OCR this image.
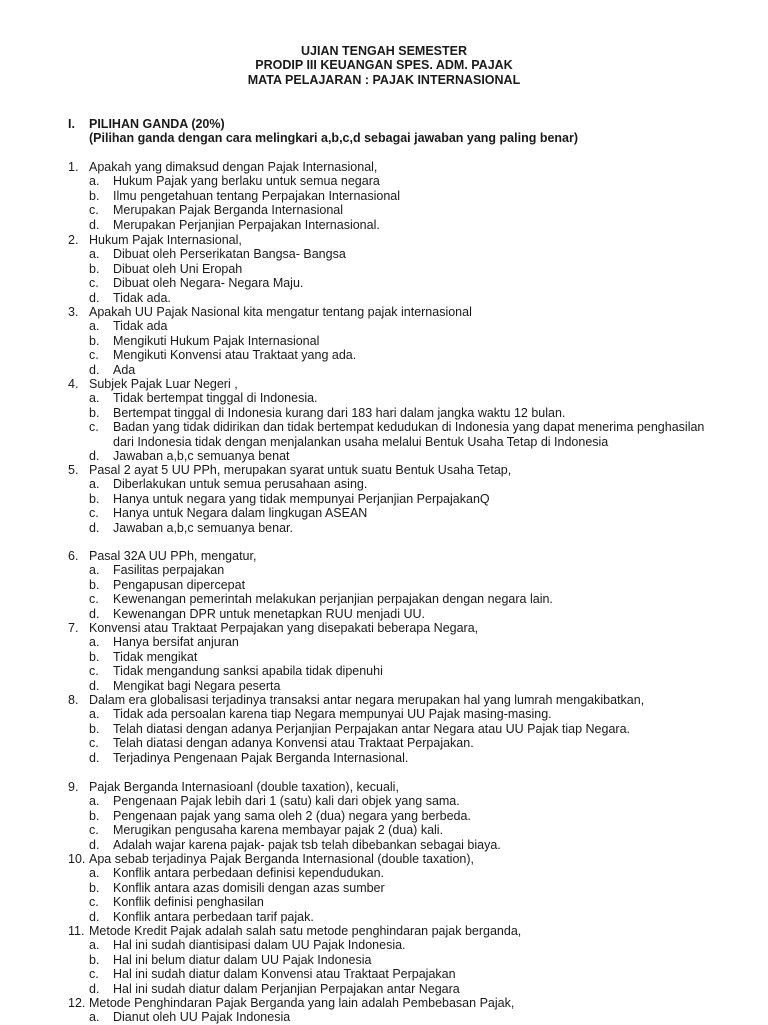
UJIAN TENGAH SEMESTER
PRODIP III KEUANGAN SPES. ADM. PAJAK
MATA PELAJARAN : PAJAK INTERNASIONAL
I. PILIHAN GANDA (20%)
(Pilihan ganda dengan cara melingkari a,b,c,d sebagai jawaban yang paling benar)
1. Apakah yang dimaksud dengan Pajak Internasional,
a. Hukum Pajak yang berlaku untuk semua negara
b. Ilmu pengetahuan tentang Perpajakan Internasional
c. Merupakan Pajak Berganda Internasional
d. Merupakan Perjanjian Perpajakan Internasional.
2. Hukum Pajak Internasional,
a. Dibuat oleh Perserikatan Bangsa- Bangsa
b. Dibuat oleh Uni Eropah
c. Dibuat oleh Negara- Negara Maju.
d. Tidak ada.
3. Apakah UU Pajak Nasional kita mengatur tentang pajak internasional
a. Tidak ada
b. Mengikuti Hukum Pajak Internasional
c. Mengikuti Konvensi atau Traktaat yang ada.
d. Ada
4. Subjek Pajak Luar Negeri ,
a. Tidak bertempat tinggal di Indonesia.
b. Bertempat tinggal di Indonesia kurang dari 183 hari dalam jangka waktu 12 bulan.
c. Badan yang tidak didirikan dan tidak bertempat kedudukan di Indonesia yang dapat menerima penghasilan
dari Indonesia tidak dengan menjalankan usaha melalui Bentuk Usaha Tetap di Indonesia
d. Jawaban a,b,c semuanya benat
5. Pasal 2 ayat 5 UU PPh, merupakan syarat untuk suatu Bentuk Usaha Tetap,
a. Diberlakukan untuk semua perusahaan asing.
b. Hanya untuk negara yang tidak mempunyai Perjanjian PerpajakanQ
c. Hanya untuk Negara dalam lingkugan ASEAN
d. Jawaban a,b,c semuanya benar.
6. Pasal 32A UU PPh, mengatur,
a. Fasilitas perpajakan
b. Pengapusan dipercepat
c. Kewenangan pemerintah melakukan perjanjian perpajakan dengan negara lain.
d. Kewenangan DPR untuk menetapkan RUU menjadi UU.
7. Konvensi atau Traktaat Perpajakan yang disepakati beberapa Negara,
a. Hanya bersifat anjuran
b. Tidak mengikat
c. Tidak mengandung sanksi apabila tidak dipenuhi
d. Mengikat bagi Negara peserta
8. Dalam era globalisasi terjadinya transaksi antar negara merupakan hal yang lumrah mengakibatkan,
a. Tidak ada persoalan karena tiap Negara mempunyai UU Pajak masing-masing.
b. Telah diatasi dengan adanya Perjanjian Perpajakan antar Negara atau UU Pajak tiap Negara.
c. Telah diatasi dengan adanya Konvensi atau Traktaat Perpajakan.
d. Terjadinya Pengenaan Pajak Berganda Internasional.
9. Pajak Berganda Internasioanl (double taxation), kecuali,
a. Pengenaan Pajak lebih dari 1 (satu) kali dari objek yang sama.
b. Pengenaan pajak yang sama oleh 2 (dua) negara yang berbeda.
c. Merugikan pengusaha karena membayar pajak 2 (dua) kali.
d. Adalah wajar karena pajak- pajak tsb telah dibebankan sebagai biaya.
10. Apa sebab terjadinya Pajak Berganda Internasional (double taxation),
a. Konflik antara perbedaan definisi kependudukan.
b. Konflik antara azas domisili dengan azas sumber
c. Konflik definisi penghasilan
d. Konflik antara perbedaan tarif pajak.
11. Metode Kredit Pajak adalah salah satu metode penghindaran pajak berganda,
a. Hal ini sudah diantisipasi dalam UU Pajak Indonesia.
b. Hal ini belum diatur dalam UU Pajak Indonesia
c. Hal ini sudah diatur dalam Konvensi atau Traktaat Perpajakan
d. Hal ini sudah diatur dalam Perjanjian Perpajakan antar Negara
12. Metode Penghindaran Pajak Berganda yang lain adalah Pembebasan Pajak,
a. Dianut oleh UU Pajak Indonesia
